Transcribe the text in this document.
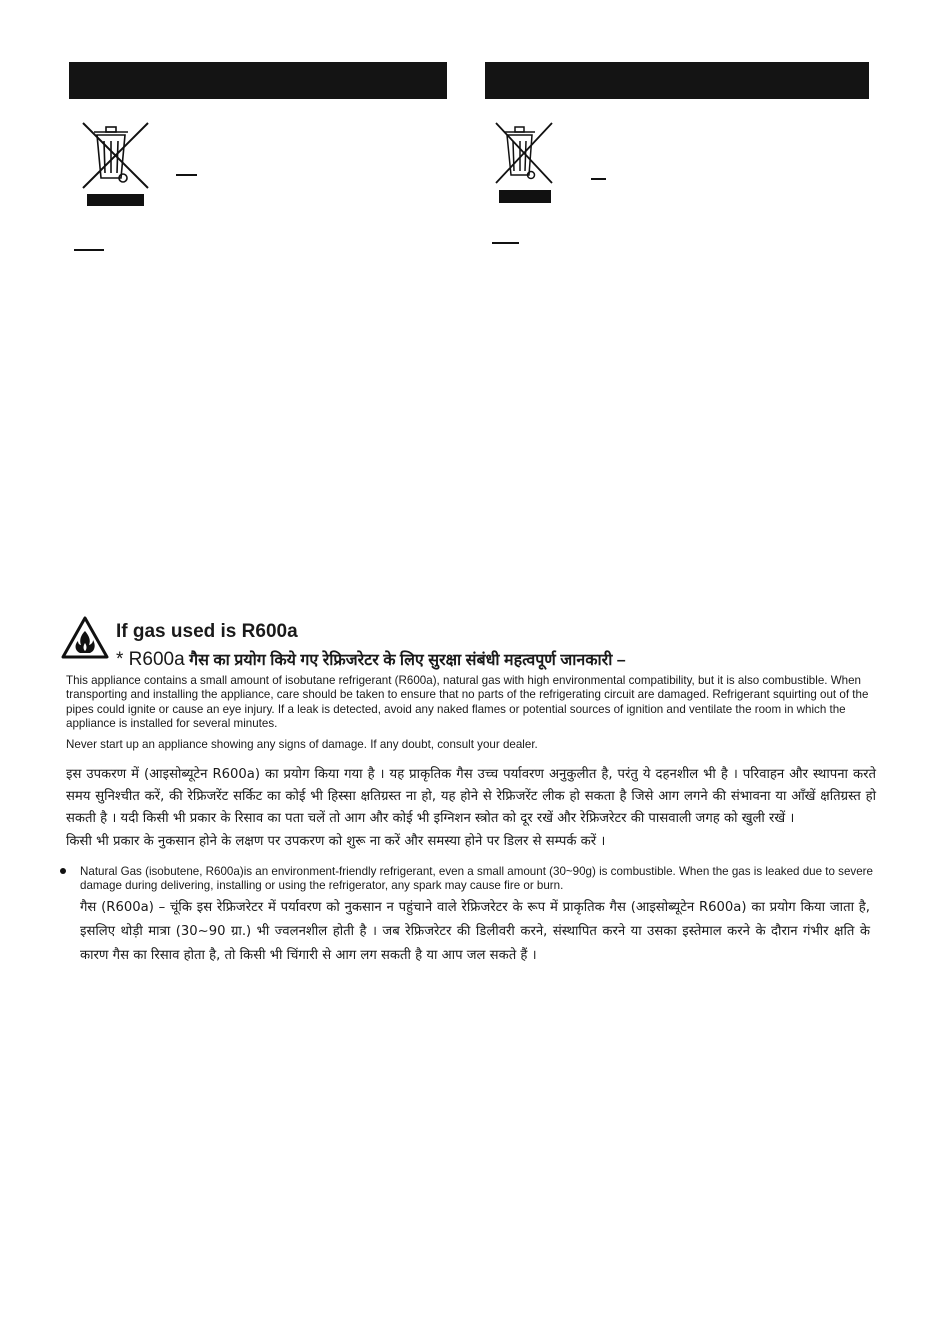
If gas used is R600a
* R600a गैस का प्रयोग किये गए रेफ्रिजरेटर के लिए सुरक्षा संबंधी महत्वपूर्ण जानकारी –

This appliance contains a small amount of isobutane refrigerant (R600a), natural gas with high environmental compatibility, but it is also combustible. When transporting and installing the appliance, care should be taken to ensure that no parts of the refrigerating circuit are damaged. Refrigerant squirting out of the pipes could ignite or cause an eye injury. If a leak is detected, avoid any naked flames or potential sources of ignition and ventilate the room in which the appliance is installed for several minutes.

Never start up an appliance showing any signs of damage. If any doubt, consult your dealer.

इस उपकरण में (आइसोब्यूटेन R600a) का प्रयोग किया गया है । यह प्राकृतिक गैस उच्च पर्यावरण अनुकुलीत है, परंतु ये दहनशील भी है । परिवाहन और स्थापना करते समय सुनिश्चीत करें, की रेफ्रिजरेंट सर्किट का कोई भी हिस्सा क्षतिग्रस्त ना हो, यह होने से रेफ्रिजरेंट लीक हो सकता है जिसे आग लगने की संभावना या आँखें क्षतिग्रस्त हो सकती है । यदी किसी भी प्रकार के रिसाव का पता चलें तो आग और कोई भी इग्निशन स्त्रोत को दूर रखें और रेफ्रिजरेटर की पासवाली जगह को खुली रखें ।

किसी भी प्रकार के नुकसान होने के लक्षण पर उपकरण को शुरू ना करें और समस्या होने पर डिलर से सम्पर्क करें ।

Natural Gas (isobutene, R600a)is an environment-friendly refrigerant, even a small amount (30~90g) is combustible. When the gas is leaked due to severe damage during delivering, installing or using the refrigerator, any spark may cause fire or burn.

गैस (R600a) – चूंकि इस रेफ्रिजरेटर में पर्यावरण को नुकसान न पहुंचाने वाले रेफ्रिजरेटर के रूप में प्राकृतिक गैस (आइसोब्यूटेन R600a) का प्रयोग किया जाता है, इसलिए थोड़ी मात्रा (30~90 ग्रा.) भी ज्वलनशील होती है । जब रेफ्रिजरेटर की डिलीवरी करने, संस्थापित करने या उसका इस्तेमाल करने के दौरान गंभीर क्षति के कारण गैस का रिसाव होता है, तो किसी भी चिंगारी से आग लग सकती है या आप जल सकते हैं ।
